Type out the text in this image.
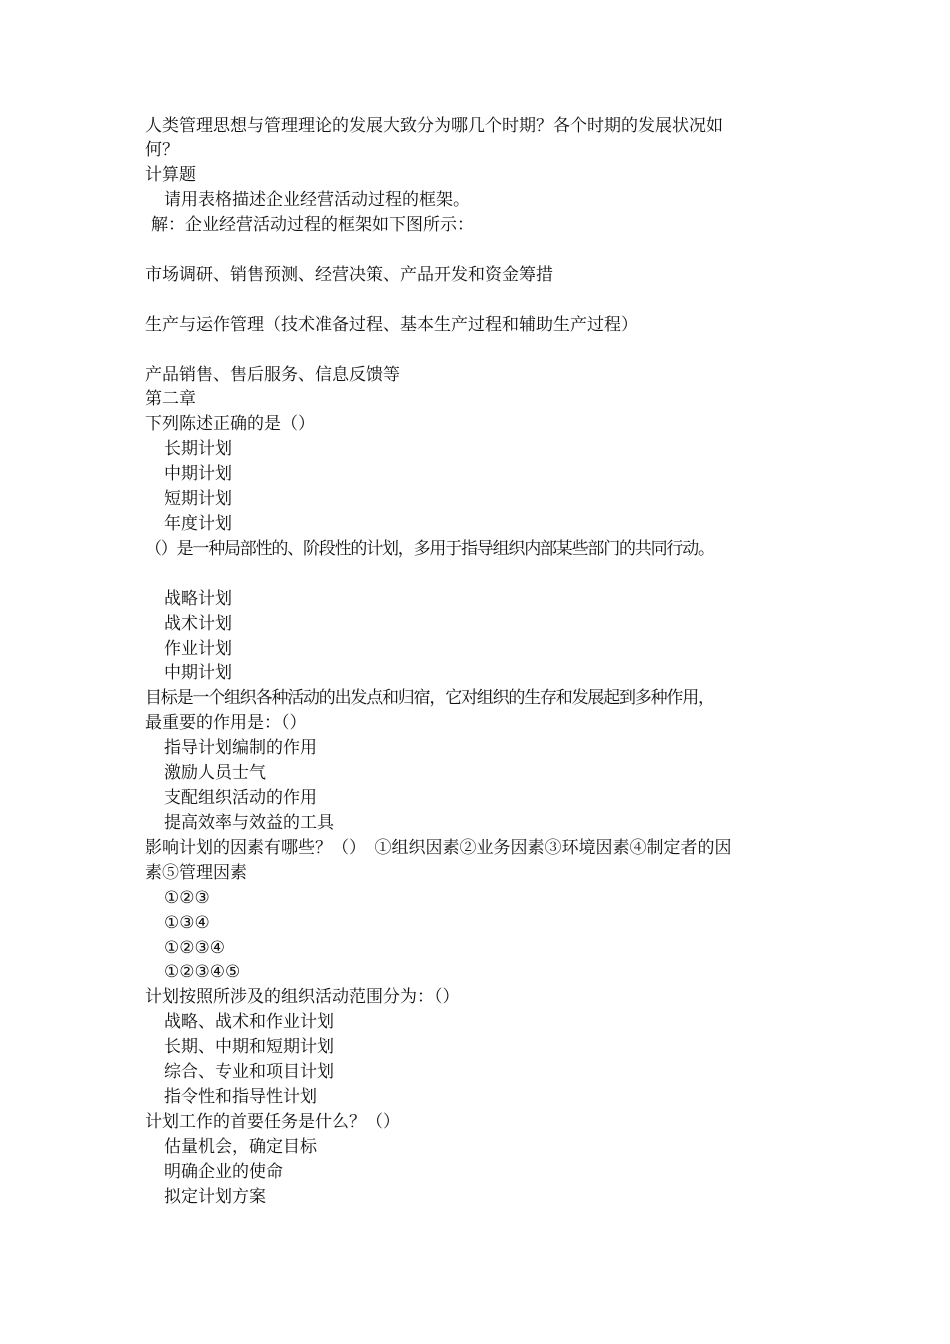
人类管理思想与管理理论的发展大致分为哪几个时期？各个时期的发展状况如
何？
计算题
请用表格描述企业经营活动过程的框架。
解：企业经营活动过程的框架如下图所示：
市场调研、销售预测、经营决策、产品开发和资金筹措
生产与运作管理（技术准备过程、基本生产过程和辅助生产过程）
产品销售、售后服务、信息反馈等
第二章
下列陈述正确的是（）
长期计划
中期计划
短期计划
年度计划
（）是一种局部性的、阶段性的计划，多用于指导组织内部某些部门的共同行动。
战略计划
战术计划
作业计划
中期计划
目标是一个组织各种活动的出发点和归宿，它对组织的生存和发展起到多种作用，
最重要的作用是：（）
指导计划编制的作用
激励人员士气
支配组织活动的作用
提高效率与效益的工具
影响计划的因素有哪些？（）　①组织因素②业务因素③环境因素④制定者的因
素⑤管理因素
①②③
①③④
①②③④
①②③④⑤
计划按照所涉及的组织活动范围分为：（）
战略、战术和作业计划
长期、中期和短期计划
综合、专业和项目计划
指令性和指导性计划
计划工作的首要任务是什么？（）
估量机会，确定目标
明确企业的使命
拟定计划方案
